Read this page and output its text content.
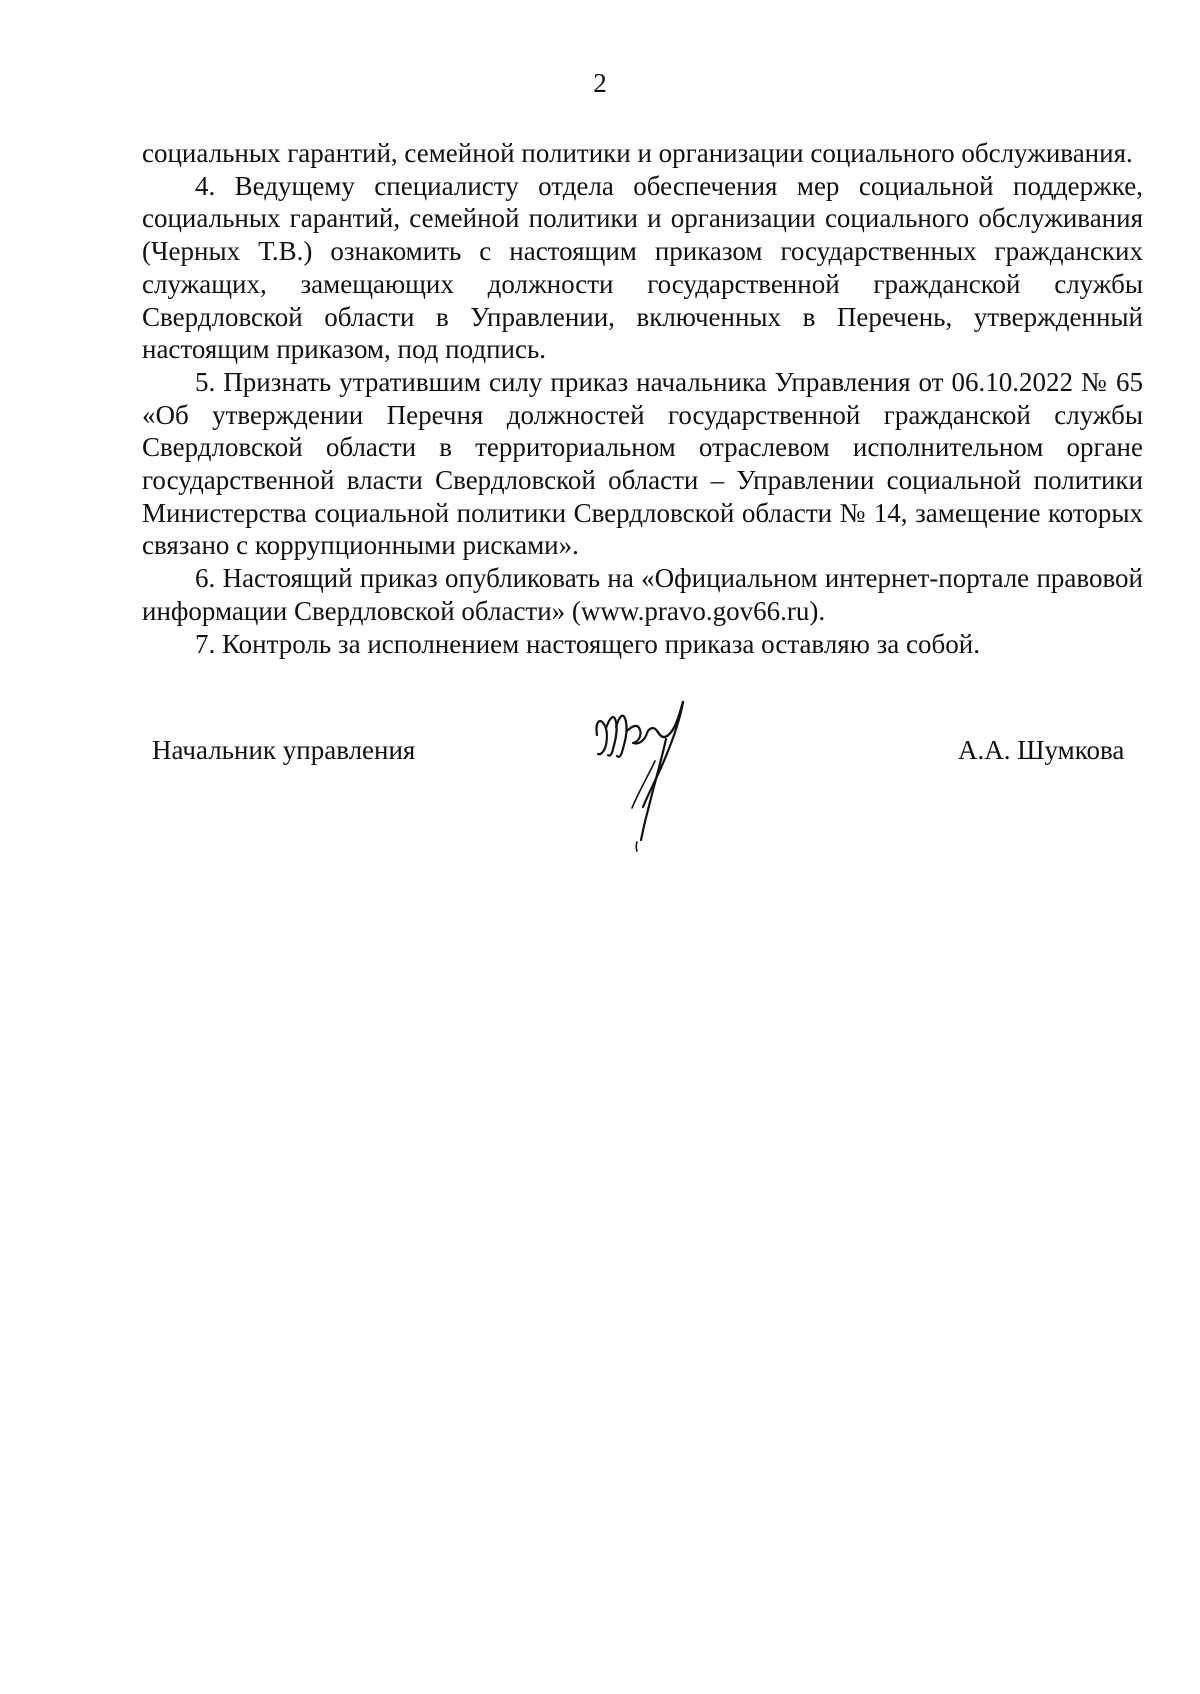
2

социальных гарантий, семейной политики и организации социального обслуживания.

4. Ведущему специалисту отдела обеспечения мер социальной поддержке, социальных гарантий, семейной политики и организации социального обслуживания (Черных Т.В.) ознакомить с настоящим приказом государственных гражданских служащих, замещающих должности государственной гражданской службы Свердловской области в Управлении, включенных в Перечень, утвержденный настоящим приказом, под подпись.

5. Признать утратившим силу приказ начальника Управления от 06.10.2022 № 65 «Об утверждении Перечня должностей государственной гражданской службы Свердловской области в территориальном отраслевом исполнительном органе государственной власти Свердловской области – Управлении социальной политики Министерства социальной политики Свердловской области № 14, замещение которых связано с коррупционными рисками».

6. Настоящий приказ опубликовать на «Официальном интернет-портале правовой информации Свердловской области» (www.pravo.gov66.ru).

7. Контроль за исполнением настоящего приказа оставляю за собой.

Начальник управления	А.А. Шумкова
